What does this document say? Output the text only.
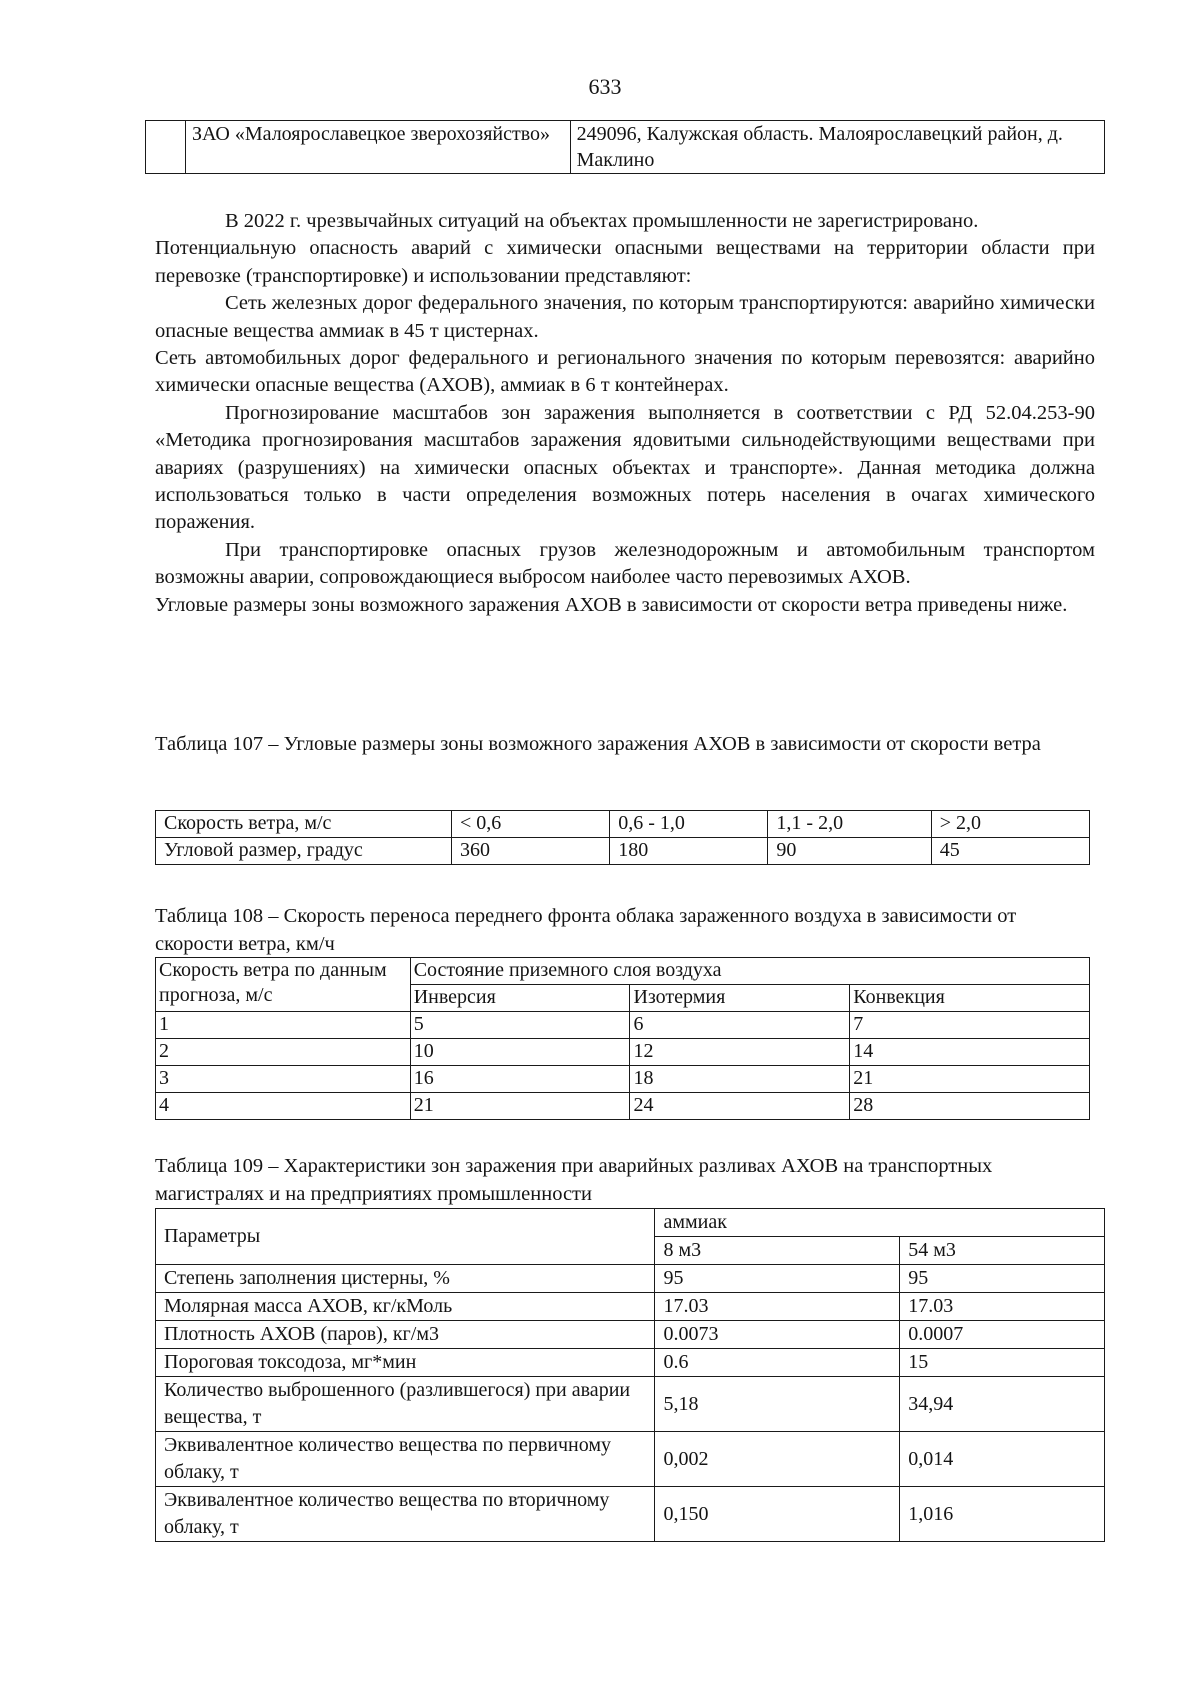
633
	ЗАО «Малоярославецкое зверохозяйство»	249096, Калужская область. Малоярославецкий район, д. Маклино

В 2022 г. чрезвычайных ситуаций на объектах промышленности не зарегистрировано.

Потенциальную опасность аварий с химически опасными веществами на территории области при перевозке (транспортировке) и использовании представляют:

Сеть железных дорог федерального значения, по которым транспортируются: аварийно химически опасные вещества аммиак в 45 т цистернах.

Сеть автомобильных дорог федерального и регионального значения по которым перевозятся: аварийно химически опасные вещества (АХОВ), аммиак в 6 т контейнерах.

Прогнозирование масштабов зон заражения выполняется в соответствии с РД 52.04.253-90 «Методика прогнозирования масштабов заражения ядовитыми сильнодействующими веществами при авариях (разрушениях) на химически опасных объектах и транспорте». Данная методика должна использоваться только в части определения возможных потерь населения в очагах химического поражения.

При транспортировке опасных грузов железнодорожным и автомобильным транспортом возможны аварии, сопровождающиеся выбросом наиболее часто перевозимых АХОВ.

Угловые размеры зоны возможного заражения АХОВ в зависимости от скорости ветра приведены ниже.

Таблица 107 – Угловые размеры зоны возможного заражения АХОВ в зависимости от скорости ветра
Скорость ветра, м/с	< 0,6	0,6 - 1,0	1,1 - 2,0	> 2,0
Угловой размер, градус	360	180	90	45
Таблица 108 – Скорость переноса переднего фронта облака зараженного воздуха в зависимости от скорости ветра, км/ч
Скорость ветра по данным прогноза, м/с	Состояние приземного слоя воздуха		
	Инверсия	Изотермия	Конвекция
1	5	6	7
2	10	12	14
3	16	18	21
4	21	24	28
Таблица 109 – Характеристики зон заражения при аварийных разливах АХОВ на транспортных магистралях и на предприятиях промышленности
Параметры	аммиак	
	8 м3	54 м3
Степень заполнения цистерны, %	95	95
Молярная масса АХОВ, кг/кМоль	17.03	17.03
Плотность АХОВ (паров), кг/м3	0.0073	0.0007
Пороговая токсодоза, мг*мин	0.6	15
Количество выброшенного (разлившегося) при аварии вещества, т	5,18	34,94
Эквивалентное количество вещества по первичному облаку, т	0,002	0,014
Эквивалентное количество вещества по вторичному облаку, т	0,150	1,016
